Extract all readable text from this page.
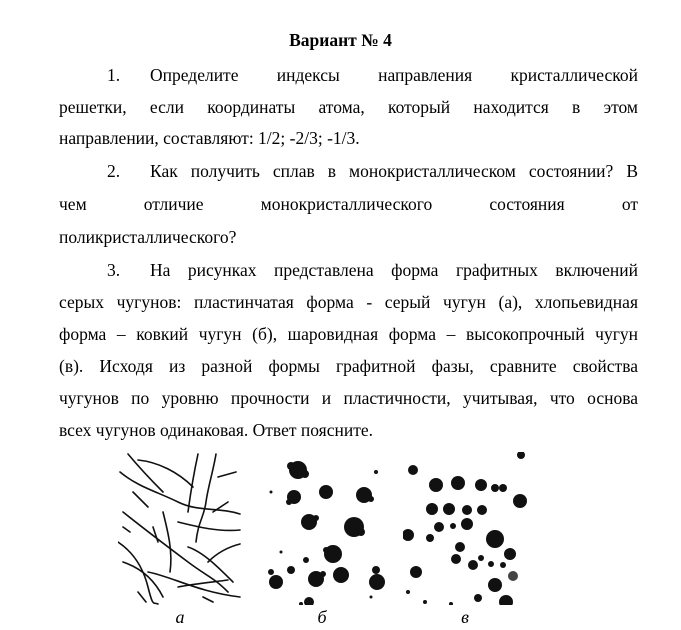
Вариант № 4
1. Определите индексы направления кристаллической
решетки, если координаты атома, который находится в этом
направлении, составляют: 1/2; -2/3; -1/3.
2. Как получить сплав в монокристаллическом состоянии? В
чем отличие монокристаллического состояния от
поликристаллического?
3. На рисунках представлена форма графитных включений
серых чугунов: пластинчатая форма - серый чугун (а), хлопьевидная
форма – ковкий чугун (б), шаровидная форма – высокопрочный чугун
(в). Исходя из разной формы графитной фазы, сравните свойства
чугунов по уровню прочности и пластичности, учитывая, что основа
всех чугунов одинаковая. Ответ поясните.
а	б	в
